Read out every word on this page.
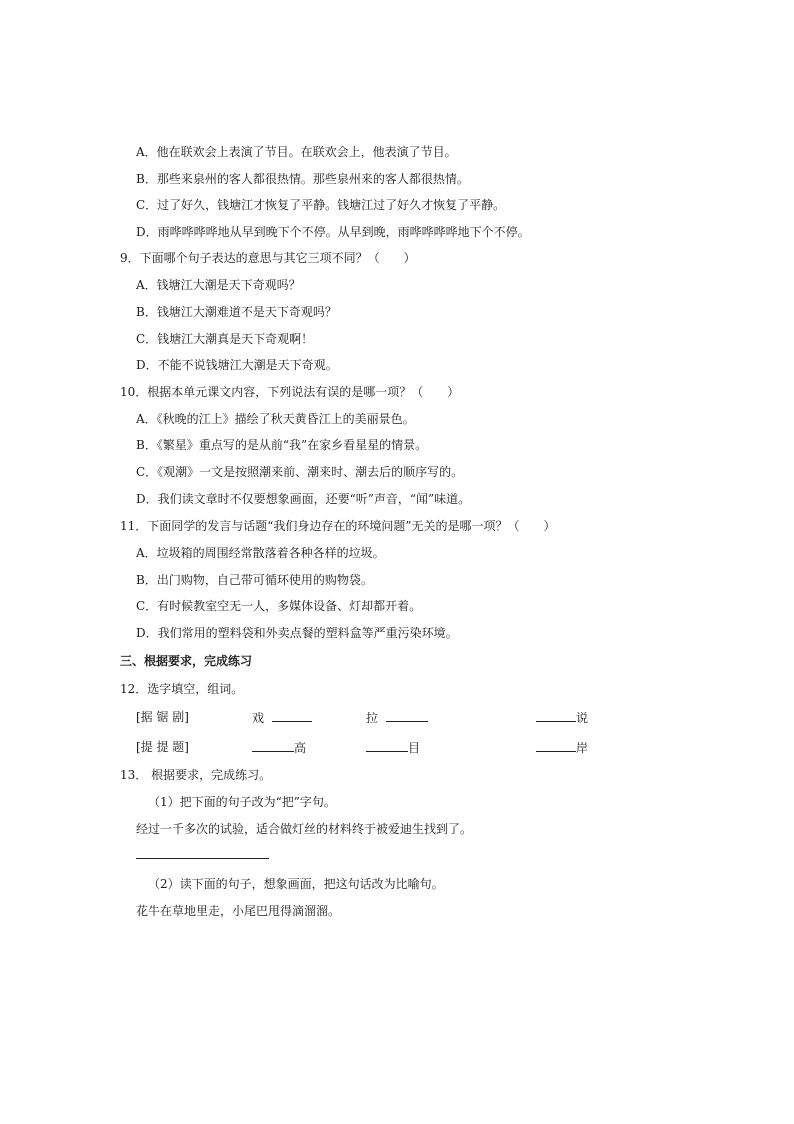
A．他在联欢会上表演了节目。在联欢会上，他表演了节目。
B．那些来泉州的客人都很热情。那些泉州来的客人都很热情。
C．过了好久，钱塘江才恢复了平静。钱塘江过了好久才恢复了平静。
D．雨哗哗哗哗地从早到晚下个不停。从早到晚，雨哗哗哗哗地下个不停。
9．下面哪个句子表达的意思与其它三项不同？（　　）
A．钱塘江大潮是天下奇观吗？
B．钱塘江大潮难道不是天下奇观吗？
C．钱塘江大潮真是天下奇观啊！
D．不能不说钱塘江大潮是天下奇观。
10．根据本单元课文内容，下列说法有误的是哪一项？（　　）
A．《秋晚的江上》描绘了秋天黄昏江上的美丽景色。
B．《繁星》重点写的是从前“我”在家乡看星星的情景。
C．《观潮》一文是按照潮来前、潮来时、潮去后的顺序写的。
D．我们读文章时不仅要想象画面，还要“听”声音，“闻”味道。
11．下面同学的发言与话题“我们身边存在的环境问题”无关的是哪一项？（　　）
A．垃圾箱的周围经常散落着各种各样的垃圾。
B．出门购物，自己带可循环使用的购物袋。
C．有时候教室空无一人，多媒体设备、灯却都开着。
D．我们常用的塑料袋和外卖点餐的塑料盒等严重污染环境。
三、根据要求，完成练习
12．选字填空，组词。
[据 锯 剧]	戏	拉	说
[提 提 题]	高	目	岸
13． 根据要求，完成练习。
（1）把下面的句子改为“把”字句。
经过一千多次的试验，适合做灯丝的材料终于被爱迪生找到了。
（2）读下面的句子，想象画面，把这句话改为比喻句。
花牛在草地里走，小尾巴甩得滴溜溜。
